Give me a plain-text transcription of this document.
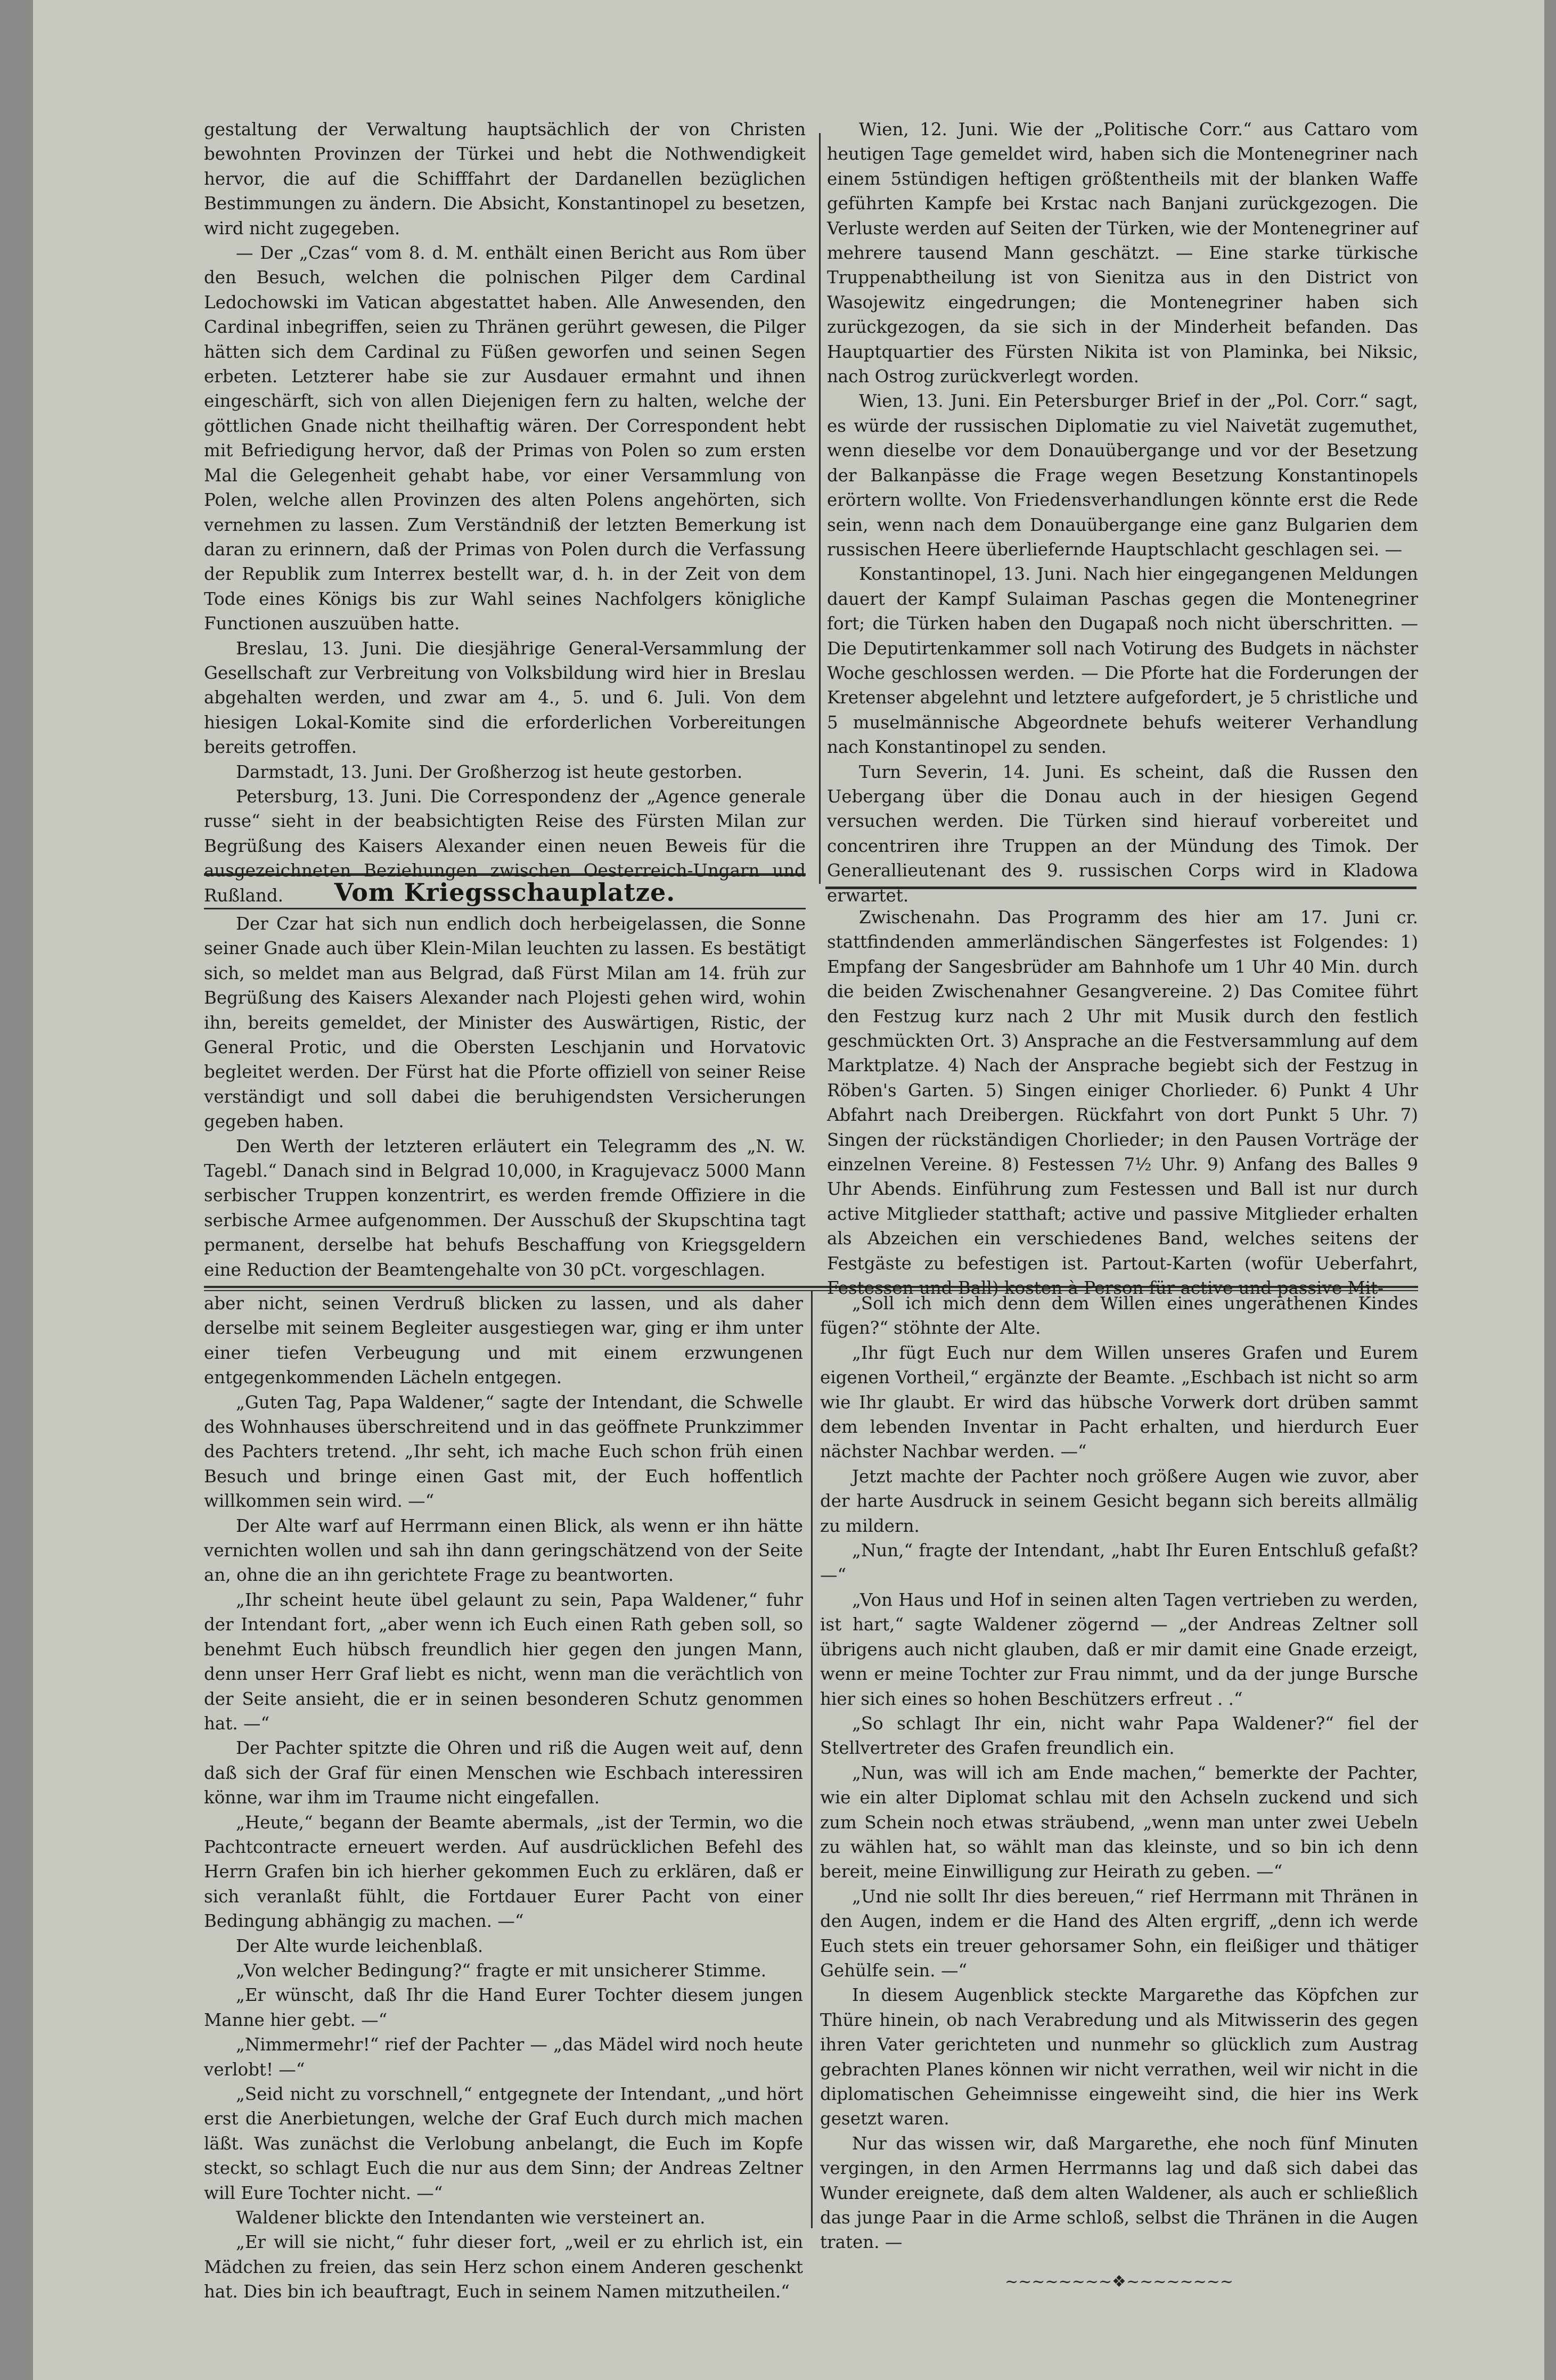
gestaltung der Verwaltung hauptsächlich der von Christen bewohnten Provinzen der Türkei und hebt die Nothwendigkeit hervor, die auf die Schifffahrt der Dardanellen bezüglichen Bestimmungen zu ändern. Die Absicht, Konstantinopel zu besetzen, wird nicht zugegeben.

— Der „Czas“ vom 8. d. M. enthält einen Bericht aus Rom über den Besuch, welchen die polnischen Pilger dem Cardinal Ledochowski im Vatican abgestattet haben. Alle Anwesenden, den Cardinal inbegriffen, seien zu Thränen gerührt gewesen, die Pilger hätten sich dem Cardinal zu Füßen geworfen und seinen Segen erbeten. Letzterer habe sie zur Ausdauer ermahnt und ihnen eingeschärft, sich von allen Diejenigen fern zu halten, welche der göttlichen Gnade nicht theilhaftig wären. Der Correspondent hebt mit Befriedigung hervor, daß der Primas von Polen so zum ersten Mal die Gelegenheit gehabt habe, vor einer Versammlung von Polen, welche allen Provinzen des alten Polens angehörten, sich vernehmen zu lassen. Zum Verständniß der letzten Bemerkung ist daran zu erinnern, daß der Primas von Polen durch die Verfassung der Republik zum Interrex bestellt war, d. h. in der Zeit von dem Tode eines Königs bis zur Wahl seines Nachfolgers königliche Functionen auszuüben hatte.

Breslau, 13. Juni. Die diesjährige General-Versammlung der Gesellschaft zur Verbreitung von Volksbildung wird hier in Breslau abgehalten werden, und zwar am 4., 5. und 6. Juli. Von dem hiesigen Lokal-Komite sind die erforderlichen Vorbereitungen bereits getroffen.

Darmstadt, 13. Juni. Der Großherzog ist heute gestorben.

Petersburg, 13. Juni. Die Correspondenz der „Agence generale russe“ sieht in der beabsichtigten Reise des Fürsten Milan zur Begrüßung des Kaisers Alexander einen neuen Beweis für die ausgezeichneten Beziehungen zwischen Oesterreich-Ungarn und Rußland.	Vom Kriegsschauplatze.

Der Czar hat sich nun endlich doch herbeigelassen, die Sonne seiner Gnade auch über Klein-Milan leuchten zu lassen. Es bestätigt sich, so meldet man aus Belgrad, daß Fürst Milan am 14. früh zur Begrüßung des Kaisers Alexander nach Plojesti gehen wird, wohin ihn, bereits gemeldet, der Minister des Auswärtigen, Ristic, der General Protic, und die Obersten Leschjanin und Horvatovic begleitet werden. Der Fürst hat die Pforte offiziell von seiner Reise verständigt und soll dabei die beruhigendsten Versicherungen gegeben haben.

Den Werth der letzteren erläutert ein Telegramm des „N. W. Tagebl.“ Danach sind in Belgrad 10,000, in Kragujevacz 5000 Mann serbischer Truppen konzentrirt, es werden fremde Offiziere in die serbische Armee aufgenommen. Der Ausschuß der Skupschtina tagt permanent, derselbe hat behufs Beschaffung von Kriegsgeldern eine Reduction der Beamtengehalte von 30 pCt. vorgeschlagen.

Wien, 12. Juni. Wie der „Politische Corr.“ aus Cattaro vom heutigen Tage gemeldet wird, haben sich die Montenegriner nach einem 5stündigen heftigen größtentheils mit der blanken Waffe geführten Kampfe bei Krstac nach Banjani zurückgezogen. Die Verluste werden auf Seiten der Türken, wie der Montenegriner auf mehrere tausend Mann geschätzt. — Eine starke türkische Truppenabtheilung ist von Sienitza aus in den District von Wasojewitz eingedrungen; die Montenegriner haben sich zurückgezogen, da sie sich in der Minderheit befanden. Das Hauptquartier des Fürsten Nikita ist von Plaminka, bei Niksic, nach Ostrog zurückverlegt worden.

Wien, 13. Juni. Ein Petersburger Brief in der „Pol. Corr.“ sagt, es würde der russischen Diplomatie zu viel Naivetät zugemuthet, wenn dieselbe vor dem Donauübergange und vor der Besetzung der Balkanpässe die Frage wegen Besetzung Konstantinopels erörtern wollte. Von Friedensverhandlungen könnte erst die Rede sein, wenn nach dem Donauübergange eine ganz Bulgarien dem russischen Heere überliefernde Hauptschlacht geschlagen sei. —

Konstantinopel, 13. Juni. Nach hier eingegangenen Meldungen dauert der Kampf Sulaiman Paschas gegen die Montenegriner fort; die Türken haben den Dugapaß noch nicht überschritten. — Die Deputirtenkammer soll nach Votirung des Budgets in nächster Woche geschlossen werden. — Die Pforte hat die Forderungen der Kretenser abgelehnt und letztere aufgefordert, je 5 christliche und 5 muselmännische Abgeordnete behufs weiterer Verhandlung nach Konstantinopel zu senden.

Turn Severin, 14. Juni. Es scheint, daß die Russen den Uebergang über die Donau auch in der hiesigen Gegend versuchen werden. Die Türken sind hierauf vorbereitet und concentriren ihre Truppen an der Mündung des Timok. Der Generallieutenant des 9. russischen Corps wird in Kladowa erwartet.

Zwischenahn. Das Programm des hier am 17. Juni cr. stattfindenden ammerländischen Sängerfestes ist Folgendes: 1) Empfang der Sangesbrüder am Bahnhofe um 1 Uhr 40 Min. durch die beiden Zwischenahner Gesangvereine. 2) Das Comitee führt den Festzug kurz nach 2 Uhr mit Musik durch den festlich geschmückten Ort. 3) Ansprache an die Festversammlung auf dem Marktplatze. 4) Nach der Ansprache begiebt sich der Festzug in Röben's Garten. 5) Singen einiger Chorlieder. 6) Punkt 4 Uhr Abfahrt nach Dreibergen. Rückfahrt von dort Punkt 5 Uhr. 7) Singen der rückständigen Chorlieder; in den Pausen Vorträge der einzelnen Vereine. 8) Festessen 7½ Uhr. 9) Anfang des Balles 9 Uhr Abends. Einführung zum Festessen und Ball ist nur durch active Mitglieder statthaft; active und passive Mitglieder erhalten als Abzeichen ein verschiedenes Band, welches seitens der Festgäste zu befestigen ist. Partout-Karten (wofür Ueberfahrt, Festessen und Ball) kosten à Person für active und passive Mit-

aber nicht, seinen Verdruß blicken zu lassen, und als daher derselbe mit seinem Begleiter ausgestiegen war, ging er ihm unter einer tiefen Verbeugung und mit einem erzwungenen entgegenkommenden Lächeln entgegen.

„Guten Tag, Papa Waldener,“ sagte der Intendant, die Schwelle des Wohnhauses überschreitend und in das geöffnete Prunkzimmer des Pachters tretend. „Ihr seht, ich mache Euch schon früh einen Besuch und bringe einen Gast mit, der Euch hoffentlich willkommen sein wird. —“

Der Alte warf auf Herrmann einen Blick, als wenn er ihn hätte vernichten wollen und sah ihn dann geringschätzend von der Seite an, ohne die an ihn gerichtete Frage zu beantworten.

„Ihr scheint heute übel gelaunt zu sein, Papa Waldener,“ fuhr der Intendant fort, „aber wenn ich Euch einen Rath geben soll, so benehmt Euch hübsch freundlich hier gegen den jungen Mann, denn unser Herr Graf liebt es nicht, wenn man die verächtlich von der Seite ansieht, die er in seinen besonderen Schutz genommen hat. —“

Der Pachter spitzte die Ohren und riß die Augen weit auf, denn daß sich der Graf für einen Menschen wie Eschbach interessiren könne, war ihm im Traume nicht eingefallen.

„Heute,“ begann der Beamte abermals, „ist der Termin, wo die Pachtcontracte erneuert werden. Auf ausdrücklichen Befehl des Herrn Grafen bin ich hierher gekommen Euch zu erklären, daß er sich veranlaßt fühlt, die Fortdauer Eurer Pacht von einer Bedingung abhängig zu machen. —“

Der Alte wurde leichenblaß.

„Von welcher Bedingung?“ fragte er mit unsicherer Stimme.

„Er wünscht, daß Ihr die Hand Eurer Tochter diesem jungen Manne hier gebt. —“

„Nimmermehr!“ rief der Pachter — „das Mädel wird noch heute verlobt! —“

„Seid nicht zu vorschnell,“ entgegnete der Intendant, „und hört erst die Anerbietungen, welche der Graf Euch durch mich machen läßt. Was zunächst die Verlobung anbelangt, die Euch im Kopfe steckt, so schlagt Euch die nur aus dem Sinn; der Andreas Zeltner will Eure Tochter nicht. —“

Waldener blickte den Intendanten wie versteinert an.

„Er will sie nicht,“ fuhr dieser fort, „weil er zu ehrlich ist, ein Mädchen zu freien, das sein Herz schon einem Anderen geschenkt hat. Dies bin ich beauftragt, Euch in seinem Namen mitzutheilen.“

„Soll ich mich denn dem Willen eines ungerathenen Kindes fügen?“ stöhnte der Alte.

„Ihr fügt Euch nur dem Willen unseres Grafen und Eurem eigenen Vortheil,“ ergänzte der Beamte. „Eschbach ist nicht so arm wie Ihr glaubt. Er wird das hübsche Vorwerk dort drüben sammt dem lebenden Inventar in Pacht erhalten, und hierdurch Euer nächster Nachbar werden. —“

Jetzt machte der Pachter noch größere Augen wie zuvor, aber der harte Ausdruck in seinem Gesicht begann sich bereits allmälig zu mildern.

„Nun,“ fragte der Intendant, „habt Ihr Euren Entschluß gefaßt? —“

„Von Haus und Hof in seinen alten Tagen vertrieben zu werden, ist hart,“ sagte Waldener zögernd — „der Andreas Zeltner soll übrigens auch nicht glauben, daß er mir damit eine Gnade erzeigt, wenn er meine Tochter zur Frau nimmt, und da der junge Bursche hier sich eines so hohen Beschützers erfreut . .“

„So schlagt Ihr ein, nicht wahr Papa Waldener?“ fiel der Stellvertreter des Grafen freundlich ein.

„Nun, was will ich am Ende machen,“ bemerkte der Pachter, wie ein alter Diplomat schlau mit den Achseln zuckend und sich zum Schein noch etwas sträubend, „wenn man unter zwei Uebeln zu wählen hat, so wählt man das kleinste, und so bin ich denn bereit, meine Einwilligung zur Heirath zu geben. —“

„Und nie sollt Ihr dies bereuen,“ rief Herrmann mit Thränen in den Augen, indem er die Hand des Alten ergriff, „denn ich werde Euch stets ein treuer gehorsamer Sohn, ein fleißiger und thätiger Gehülfe sein. —“

In diesem Augenblick steckte Margarethe das Köpfchen zur Thüre hinein, ob nach Verabredung und als Mitwisserin des gegen ihren Vater gerichteten und nunmehr so glücklich zum Austrag gebrachten Planes können wir nicht verrathen, weil wir nicht in die diplomatischen Geheimnisse eingeweiht sind, die hier ins Werk gesetzt waren.

Nur das wissen wir, daß Margarethe, ehe noch fünf Minuten vergingen, in den Armen Herrmanns lag und daß sich dabei das Wunder ereignete, daß dem alten Waldener, als auch er schließlich das junge Paar in die Arme schloß, selbst die Thränen in die Augen traten. —

~~~~~~~~❖~~~~~~~~
